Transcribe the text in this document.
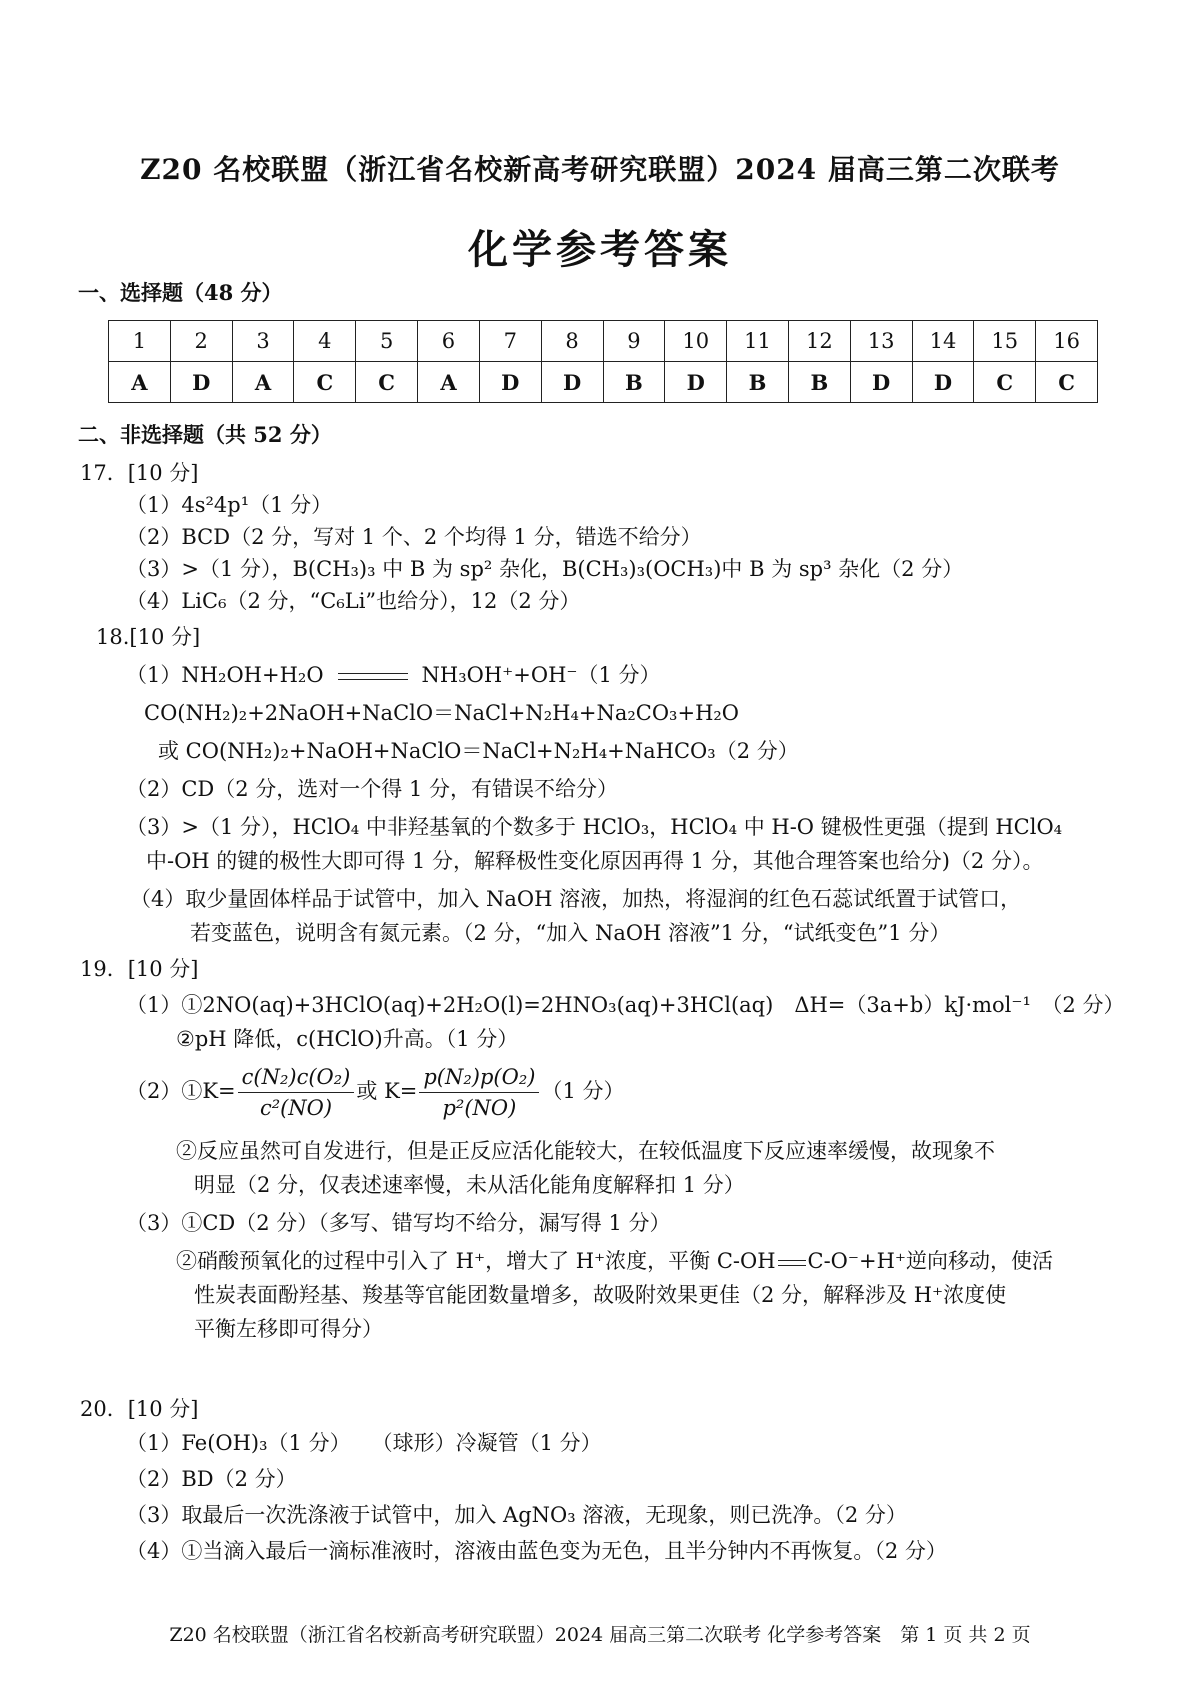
Z20 名校联盟（浙江省名校新高考研究联盟）2024 届高三第二次联考
化学参考答案
一、选择题（48 分）
1	2	3	4	5	6	7	8	9	10	11	12	13	14	15	16
A	D	A	C	C	A	D	D	B	D	B	B	D	D	C	C
二、非选择题（共 52 分）
17．[10 分]
（1）4s²4p¹（1 分）
（2）BCD（2 分，写对 1 个、2 个均得 1 分，错选不给分）
（3）>（1 分），B(CH₃)₃ 中 B 为 sp² 杂化，B(CH₃)₃(OCH₃)中 B 为 sp³ 杂化（2 分）
（4）LiC₆（2 分，“C₆Li”也给分），12（2 分）
18.[10 分]
（1）NH₂OH+H₂O	NH₃OH⁺+OH⁻（1 分）
CO(NH₂)₂+2NaOH+NaClO＝NaCl+N₂H₄+Na₂CO₃+H₂O
或 CO(NH₂)₂+NaOH+NaClO＝NaCl+N₂H₄+NaHCO₃（2 分）
（2）CD（2 分，选对一个得 1 分，有错误不给分）
（3）>（1 分），HClO₄ 中非羟基氧的个数多于 HClO₃，HClO₄ 中 H-O 键极性更强（提到 HClO₄
中-OH 的键的极性大即可得 1 分，解释极性变化原因再得 1 分，其他合理答案也给分)（2 分）。
（4）取少量固体样品于试管中，加入 NaOH 溶液，加热，将湿润的红色石蕊试纸置于试管口，
若变蓝色，说明含有氮元素。（2 分，“加入 NaOH 溶液”1 分，“试纸变色”1 分）
19．[10 分]
（1）①2NO(aq)+3HClO(aq)+2H₂O(l)=2HNO₃(aq)+3HCl(aq)　ΔH=（3a+b）kJ·mol⁻¹　（2 分）
②pH 降低，c(HClO)升高。（1 分）
（2）①K= $\frac{\text{c(N₂)c(O₂)}}{\text{c²(NO)}}$ 或 $K= \frac{\text{p(N₂)p(O₂)}}{\text{p²(NO)}} (1$ 分）
②反应虽然可自发进行，但是正反应活化能较大，在较低温度下反应速率缓慢，故现象不
明显（2 分，仅表述速率慢，未从活化能角度解释扣 1 分）
（3）①CD（2 分）（多写、错写均不给分，漏写得 1 分）
②硝酸预氧化的过程中引入了 H⁺，增大了 H⁺浓度，平衡 C-OH C-O⁻+H⁺逆向移动，使活
性炭表面酚羟基、羧基等官能团数量增多，故吸附效果更佳（2 分，解释涉及 H⁺浓度使
平衡左移即可得分）
20．[10 分]
（1）Fe(OH)₃（1 分）　　（球形）冷凝管（1 分）
（2）BD（2 分）
（3）取最后一次洗涤液于试管中，加入 AgNO₃ 溶液，无现象，则已洗净。（2 分）
（4）①当滴入最后一滴标准液时，溶液由蓝色变为无色，且半分钟内不再恢复。（2 分）
Z20 名校联盟（浙江省名校新高考研究联盟）2024 届高三第二次联考 化学参考答案　第 1 页 共 2 页
